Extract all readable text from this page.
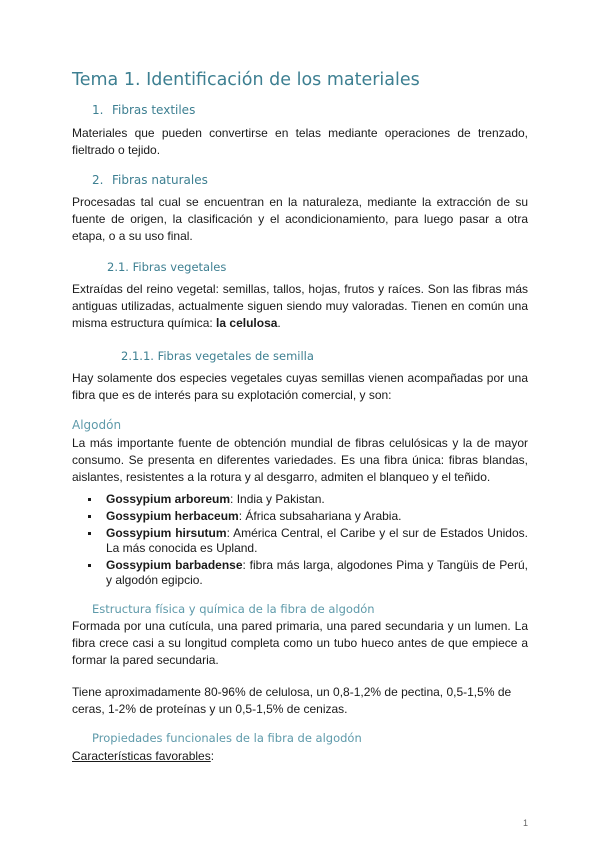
Tema 1. Identificación de los materiales
1. Fibras textiles

Materiales que pueden convertirse en telas mediante operaciones de trenzado, fieltrado o tejido.

2. Fibras naturales

Procesadas tal cual se encuentran en la naturaleza, mediante la extracción de su fuente de origen, la clasificación y el acondicionamiento, para luego pasar a otra etapa, o a su uso final.

2.1. Fibras vegetales

Extraídas del reino vegetal: semillas, tallos, hojas, frutos y raíces. Son las fibras más antiguas utilizadas, actualmente siguen siendo muy valoradas. Tienen en común una misma estructura química: la celulosa.

2.1.1. Fibras vegetales de semilla

Hay solamente dos especies vegetales cuyas semillas vienen acompañadas por una fibra que es de interés para su explotación comercial, y son:

Algodón

La más importante fuente de obtención mundial de fibras celulósicas y la de mayor consumo. Se presenta en diferentes variedades. Es una fibra única: fibras blandas, aislantes, resistentes a la rotura y al desgarro, admiten el blanqueo y el teñido.

Gossypium arboreum: India y Pakistan.
Gossypium herbaceum: África subsahariana y Arabia.
Gossypium hirsutum: América Central, el Caribe y el sur de Estados Unidos. La más conocida es Upland.
Gossypium barbadense: fibra más larga, algodones Pima y Tangüis de Perú, y algodón egipcio.
Estructura física y química de la fibra de algodón

Formada por una cutícula, una pared primaria, una pared secundaria y un lumen. La fibra crece casi a su longitud completa como un tubo hueco antes de que empiece a formar la pared secundaria.

Tiene aproximadamente 80-96% de celulosa, un 0,8-1,2% de pectina, 0,5-1,5% de ceras, 1-2% de proteínas y un 0,5-1,5% de cenizas.

Propiedades funcionales de la fibra de algodón

Características favorables:

1
